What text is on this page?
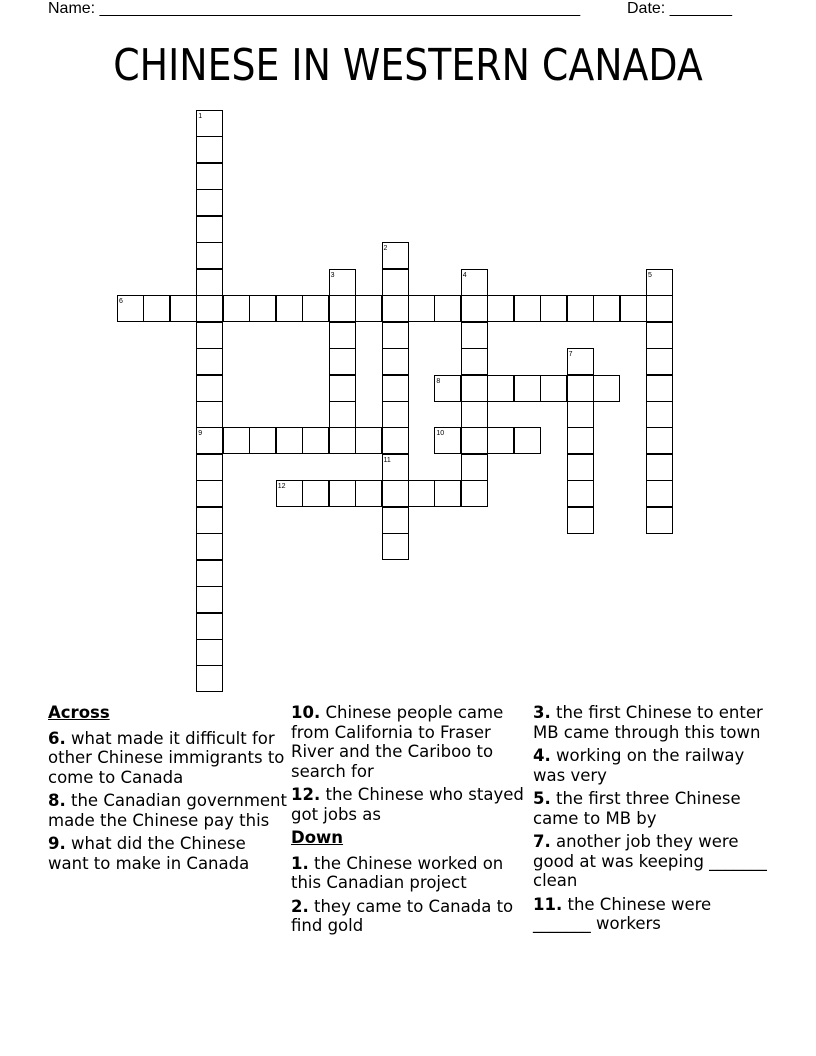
Name: ______________________________________________________	Date: _______
CHINESE IN WESTERN CANADA
1
2
3	4	5
6
7
8
9	10
11
12
Across
6. what made it difficult for other Chinese immigrants to come to Canada
8. the Canadian government made the Chinese pay this
9. what did the Chinese want to make in Canada
10. Chinese people came from California to Fraser River and the Cariboo to search for
12. the Chinese who stayed got jobs as
Down
1. the Chinese worked on this Canadian project
2. they came to Canada to find gold
3. the first Chinese to enter MB came through this town
4. working on the railway was very
5. the first three Chinese came to MB by
7. another job they were good at was keeping _______ clean
11. the Chinese were _______ workers
